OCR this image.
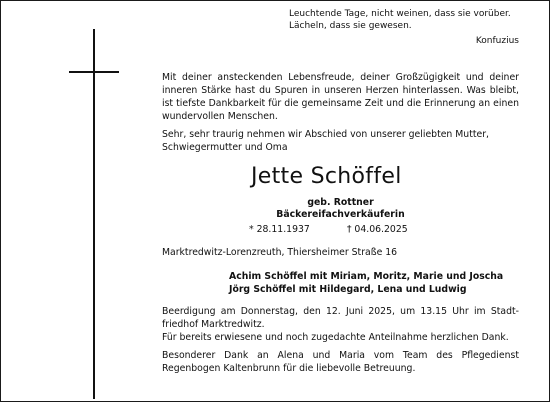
Leuchtende Tage, nicht weinen, dass sie vorüber.
Lächeln, dass sie gewesen.
Konfuzius
Mit deiner ansteckenden Lebensfreude, deiner Großzügigkeit und deiner inneren Stärke hast du Spuren in unseren Herzen hinterlassen. Was bleibt, ist tiefste Dankbarkeit für die gemeinsame Zeit und die Erinnerung an einen wundervollen Menschen.
Sehr, sehr traurig nehmen wir Abschied von unserer geliebten Mutter, Schwiegermutter und Oma
Jette Schöffel
geb. Rottner
Bäckereifachverkäuferin
* 28.11.1937	† 04.06.2025
Marktredwitz-Lorenzreuth, Thiersheimer Straße 16
Achim Schöffel mit Miriam, Moritz, Marie und Joscha
Jörg Schöffel mit Hildegard, Lena und Ludwig
Beerdigung am Donnerstag, den 12. Juni 2025, um 13.15 Uhr im Stadt-friedhof Marktredwitz.
Für bereits erwiesene und noch zugedachte Anteilnahme herzlichen Dank.
Besonderer Dank an Alena und Maria vom Team des Pflegedienst Regenbogen Kaltenbrunn für die liebevolle Betreuung.
